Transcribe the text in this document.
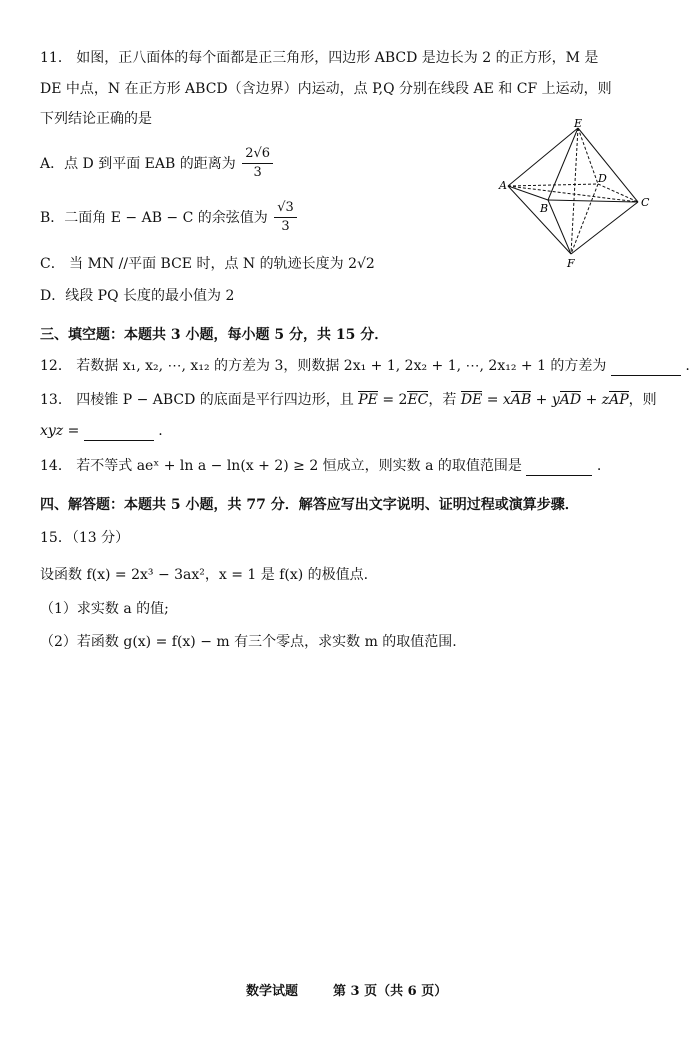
11． 如图，正八面体的每个面都是正三角形，四边形 ABCD 是边长为 2 的正方形，M 是
DE 中点，N 在正方形 ABCD（含边界）内运动，点 P,Q 分别在线段 AE 和 CF 上运动，则
下列结论正确的是
A．点 D 到平面 EAB 的距离为 $\frac{2√6}{3}$
B．二面角 E − AB − C 的余弦值为 $\frac{√3}{3}$
C． 当 MN //平面 BCE 时，点 N 的轨迹长度为 2√2
D．线段 PQ 长度的最小值为 2
E
A
B	C
D
F
三、填空题：本题共 3 小题，每小题 5 分，共 15 分．
12． 若数据 x₁, x₂, ⋯, x₁₂ 的方差为 3，则数据 2x₁ + 1, 2x₂ + 1, ⋯, 2x₁₂ + 1 的方差为	.
13． 四棱锥 P − ABCD 的底面是平行四边形，且 PE = 2EC，若 DE = xAB + yAD + zAP，则
xyz =	.
14． 若不等式 aeˣ + ln a − ln(x + 2) ≥ 2 恒成立，则实数 a 的取值范围是	.
四、解答题：本题共 5 小题，共 77 分．解答应写出文字说明、证明过程或演算步骤．
15．（13 分）
设函数 f(x) = 2x³ − 3ax²，x = 1 是 f(x) 的极值点.
（1）求实数 a 的值;
（2）若函数 g(x) = f(x) − m 有三个零点，求实数 m 的取值范围.
数学试题	第 3 页（共 6 页）
